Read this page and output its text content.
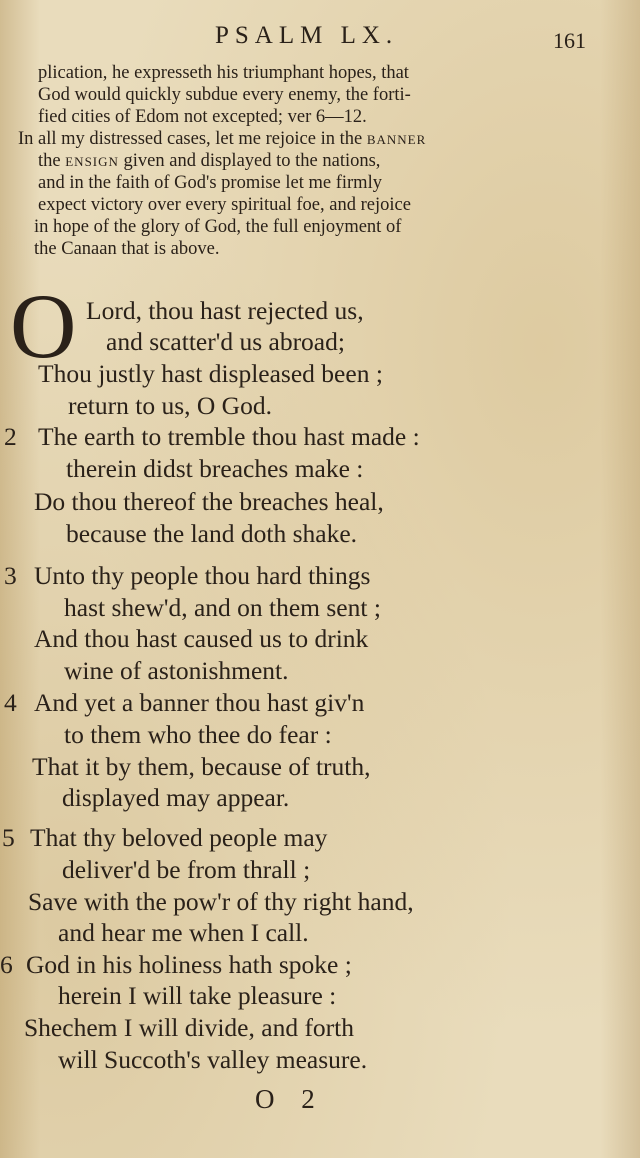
PSALM LX.	161
plication, he expresseth his triumphant hopes, that
God would quickly subdue every enemy, the forti-
fied cities of Edom not excepted; ver 6—12.
In all my distressed cases, let me rejoice in the banner
the ensign given and displayed to the nations,
and in the faith of God's promise let me firmly
expect victory over every spiritual foe, and rejoice
in hope of the glory of God, the full enjoyment of
the Canaan that is above.
O Lord, thou hast rejected us,
and scatter'd us abroad;
Thou justly hast displeased been ;
return to us, O God.
2 The earth to tremble thou hast made :
therein didst breaches make :
Do thou thereof the breaches heal,
because the land doth shake.
3 Unto thy people thou hard things
hast shew'd, and on them sent ;
And thou hast caused us to drink
wine of astonishment.
4 And yet a banner thou hast giv'n
to them who thee do fear :
That it by them, because of truth,
displayed may appear.
5 That thy beloved people may
deliver'd be from thrall ;
Save with the pow'r of thy right hand,
and hear me when I call.
6 God in his holiness hath spoke ;
herein I will take pleasure :
Shechem I will divide, and forth
will Succoth's valley measure.
O 2
